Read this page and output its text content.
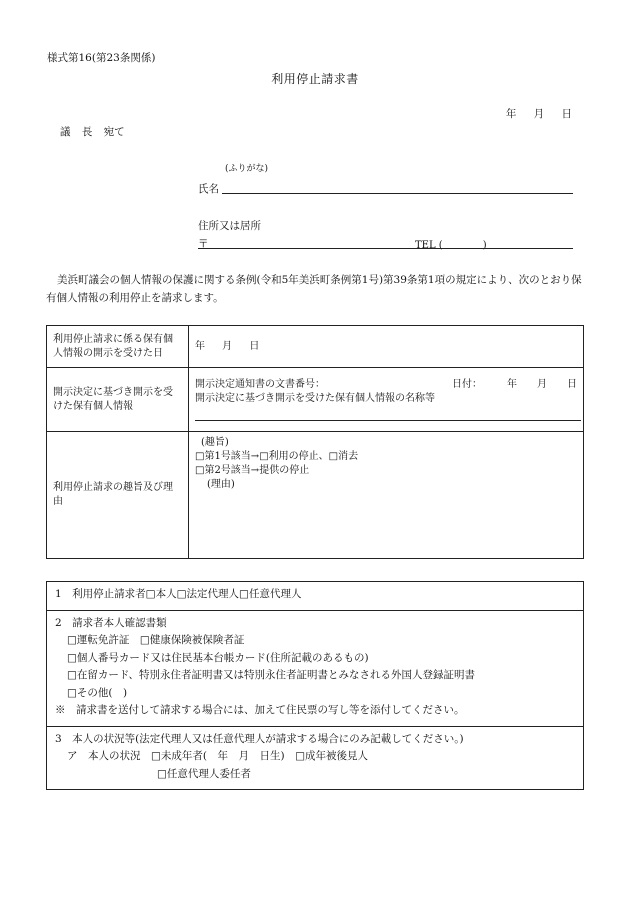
様式第16(第23条関係)
利用停止請求書
年 月 日
議 長 宛て
(ふりがな)
氏名
住所又は居所
〒	TEL (　　　　)
美浜町議会の個人情報の保護に関する条例(令和5年美浜町条例第1号)第39条第1項の規定により、次のとおり保有個人情報の利用停止を請求します。
利用停止請求に係る保有個人情報の開示を受けた日	年 月 日
開示決定に基づき開示を受けた保有個人情報	開示決定通知書の文書番号： 日付：　　　年　　月　　日
開示決定に基づき開示を受けた保有個人情報の名称等

利用停止請求の趣旨及び理由	(趣旨)
□第1号該当→□利用の停止、□消去
□第2号該当→提供の停止
(理由)
1　利用停止請求者□本人□法定代理人□任意代理人
2　請求者本人確認書類
□運転免許証　□健康保険被保険者証
□個人番号カード又は住民基本台帳カード(住所記載のあるもの)
□在留カード、特別永住者証明書又は特別永住者証明書とみなされる外国人登録証明書
□その他(　)
※　請求書を送付して請求する場合には、加えて住民票の写し等を添付してください。
3　本人の状況等(法定代理人又は任意代理人が請求する場合にのみ記載してください。)
ア　本人の状況　□未成年者(　年　月　日生)　□成年被後見人
□任意代理人委任者
